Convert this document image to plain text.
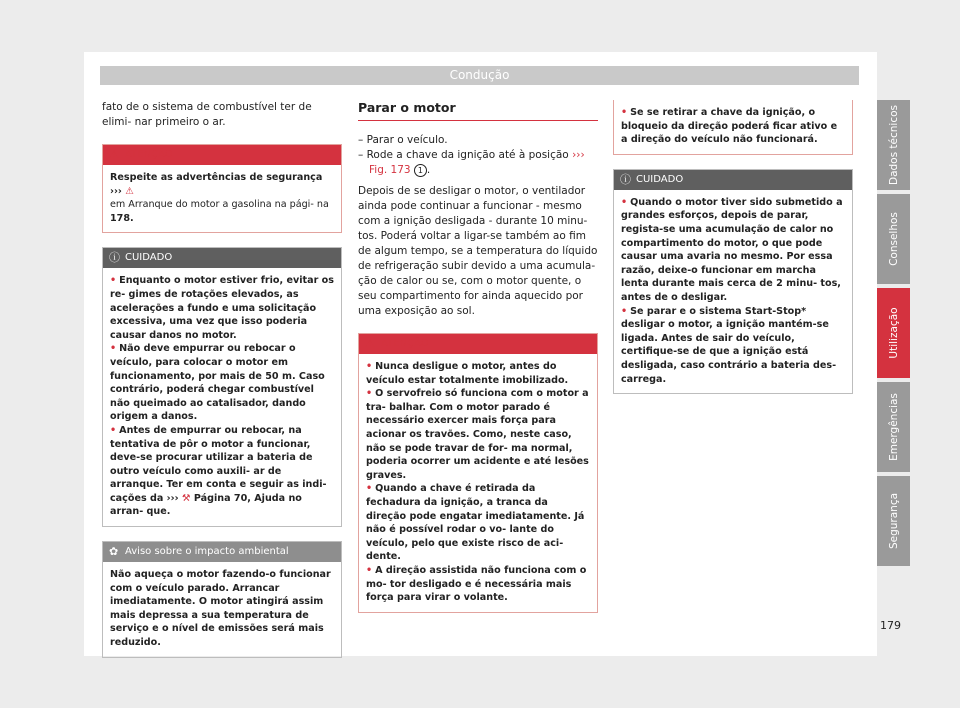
Condução

fato de o sistema de combustível ter de elimi- nar primeiro o ar.

⚠ ATENÇÃO
Respeite as advertências de segurança ››› ⚠
em Arranque do motor a gasolina na pági- na 178.
ⓘ CUIDADO

• Enquanto o motor estiver frio, evitar os re- gimes de rotações elevados, as acelerações a fundo e uma solicitação excessiva, uma vez que isso poderia causar danos no motor.

• Não deve empurrar ou rebocar o veículo, para colocar o motor em funcionamento, por mais de 50 m. Caso contrário, poderá chegar combustível não queimado ao catalisador, dando origem a danos.

• Antes de empurrar ou rebocar, na tentativa de pôr o motor a funcionar, deve-se procurar utilizar a bateria de outro veículo como auxili- ar de arranque. Ter em conta e seguir as indi- cações da ››› ⚒ Página 70, Ajuda no arran- que.

✿ Aviso sobre o impacto ambiental
Não aqueça o motor fazendo-o funcionar com o veículo parado. Arrancar imediatamente. O motor atingirá assim mais depressa a sua temperatura de serviço e o nível de emissões será mais reduzido.
Parar o motor

– Parar o veículo.

– Rode a chave da ignição até à posição ››› Fig. 173 1 .

Depois de se desligar o motor, o ventilador ainda pode continuar a funcionar - mesmo com a ignição desligada - durante 10 minu- tos. Poderá voltar a ligar-se também ao fim de algum tempo, se a temperatura do líquido de refrigeração subir devido a uma acumula- ção de calor ou se, com o motor quente, o seu compartimento for ainda aquecido por uma exposição ao sol.

⚠ ATENÇÃO

• Nunca desligue o motor, antes do veículo estar totalmente imobilizado.

• O servofreio só funciona com o motor a tra- balhar. Com o motor parado é necessário exercer mais força para acionar os travões. Como, neste caso, não se pode travar de for- ma normal, poderia ocorrer um acidente e até lesões graves.

• Quando a chave é retirada da fechadura da ignição, a tranca da direção pode engatar imediatamente. Já não é possível rodar o vo- lante do veículo, pelo que existe risco de aci- dente.

• A direção assistida não funciona com o mo- tor desligado e é necessária mais força para virar o volante.

• Se se retirar a chave da ignição, o bloqueio da direção poderá ficar ativo e a direção do veículo não funcionará.

ⓘ CUIDADO

• Quando o motor tiver sido submetido a grandes esforços, depois de parar, regista-se uma acumulação de calor no compartimento do motor, o que pode causar uma avaria no mesmo. Por essa razão, deixe-o funcionar em marcha lenta durante mais cerca de 2 minu- tos, antes de o desligar.

• Se parar e o sistema Start-Stop* desligar o motor, a ignição mantém-se ligada. Antes de sair do veículo, certifique-se de que a ignição está desligada, caso contrário a bateria des- carrega.

Dados técnicos
Conselhos
Utilização
Emergências
Segurança
179
